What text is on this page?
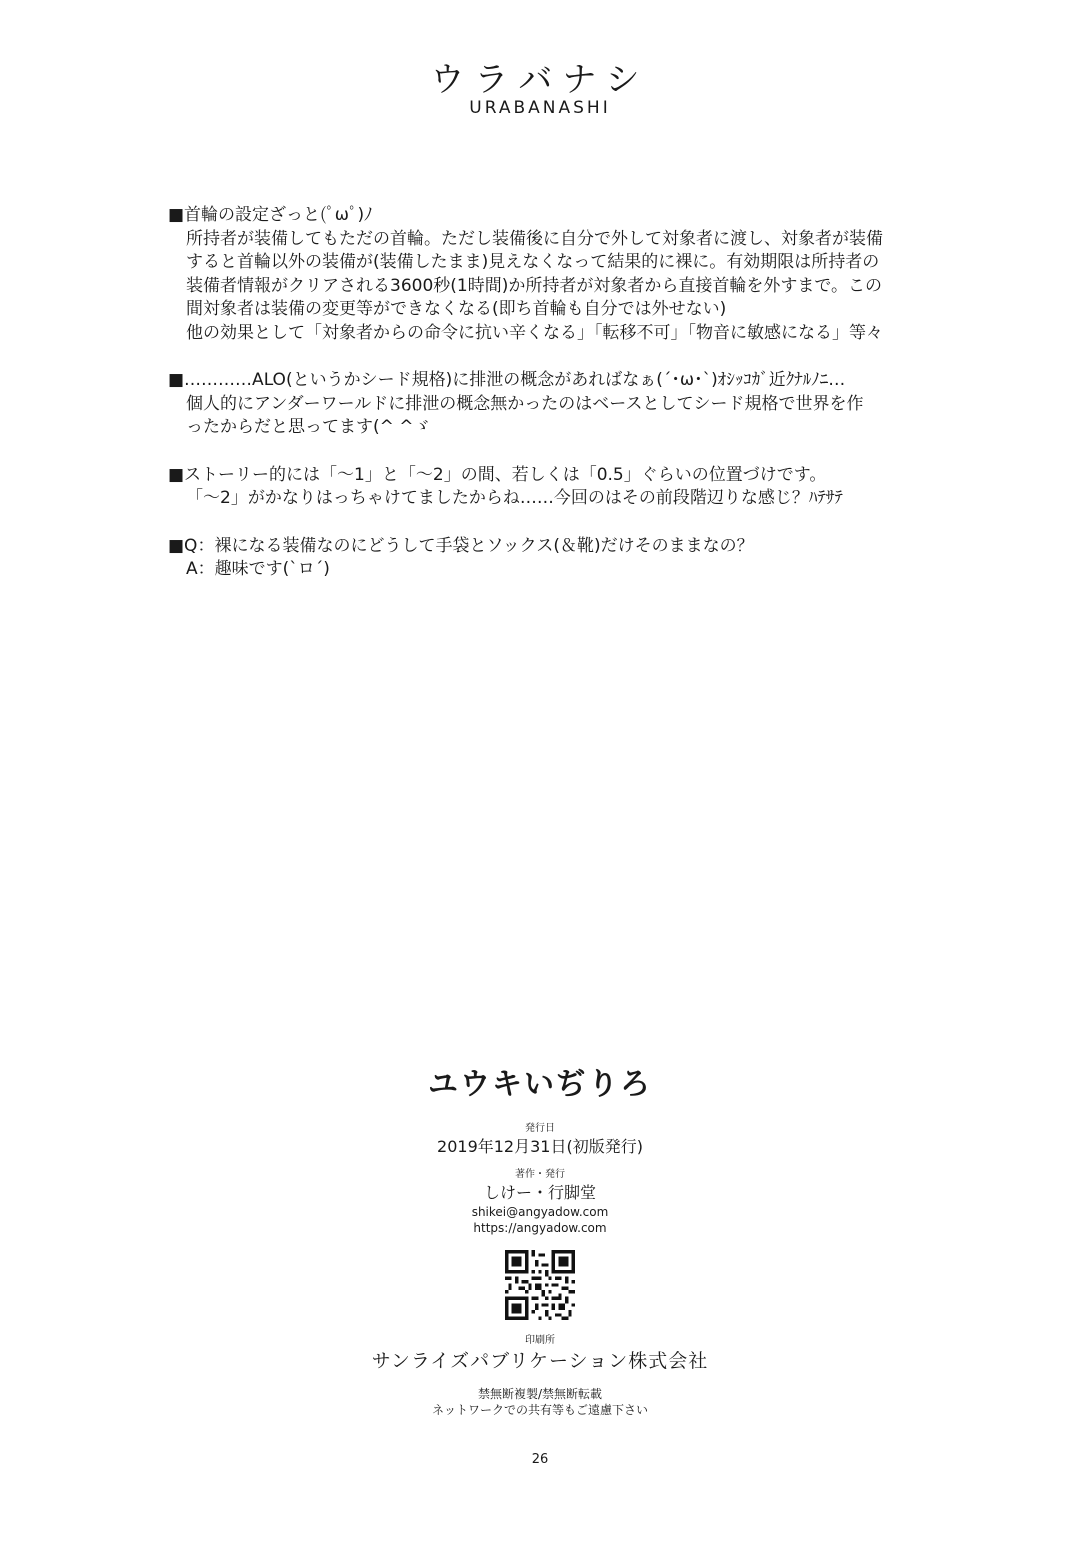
ウラバナシ
URABANASHI
■首輪の設定ざっと(ﾟωﾟ)ﾉ
所持者が装備してもただの首輪。ただし装備後に自分で外して対象者に渡し、対象者が装備
すると首輪以外の装備が(装備したまま)見えなくなって結果的に裸に。有効期限は所持者の
装備者情報がクリアされる3600秒(1時間)か所持者が対象者から直接首輪を外すまで。この
間対象者は装備の変更等ができなくなる(即ち首輪も自分では外せない)
他の効果として「対象者からの命令に抗い辛くなる」「転移不可」「物音に敏感になる」等々
■…………ALO(というかシード規格)に排泄の概念があればなぁ(´･ω･`)ｵｼｯｺｶﾞ近ｸﾅﾙﾉﾆ…
個人的にアンダーワールドに排泄の概念無かったのはベースとしてシード規格で世界を作
ったからだと思ってます(^ ^ゞ
■ストーリー的には「～1」と「～2」の間、若しくは「0.5」ぐらいの位置づけです。
「～2」がかなりはっちゃけてましたからね……今回のはその前段階辺りな感じ？ﾊﾃｻﾃ
■Q：裸になる装備なのにどうして手袋とソックス(＆靴)だけそのままなの？
A：趣味です(`ロ´)
ユウキいぢりろ
発行日
2019年12月31日(初版発行)
著作・発行
しけー・行脚堂
shikei@angyadow.com
https://angyadow.com
印刷所
サンライズパブリケーション株式会社
禁無断複製/禁無断転載
ネットワークでの共有等もご遠慮下さい
26
